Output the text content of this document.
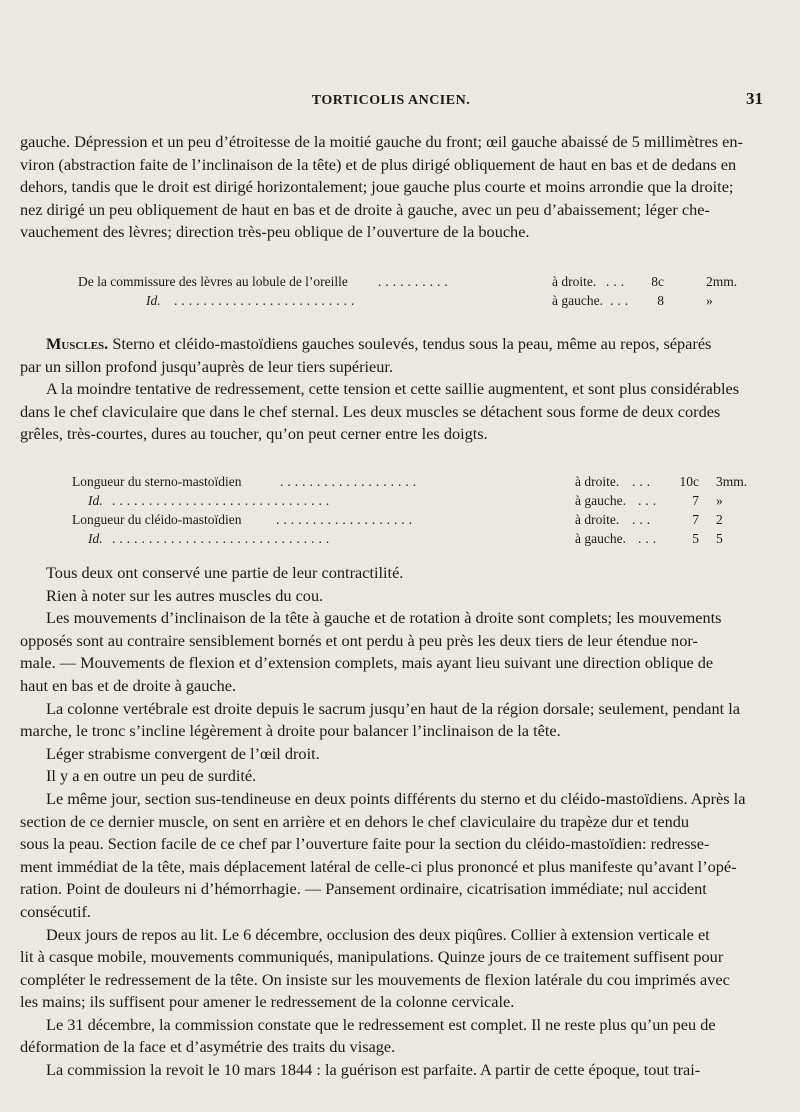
TORTICOLIS ANCIEN.	31

gauche. Dépression et un peu d’étroitesse de la moitié gauche du front; œil gauche abaissé de 5 millimètres en-

viron (abstraction faite de l’inclinaison de la tête) et de plus dirigé obliquement de haut en bas et de dedans en

dehors, tandis que le droit est dirigé horizontalement; joue gauche plus courte et moins arrondie que la droite;

nez dirigé un peu obliquement de haut en bas et de droite à gauche, avec un peu d’abaissement; léger che-

vauchement des lèvres; direction très-peu oblique de l’ouverture de la bouche.

De la commissure des lèvres au lobule de l’oreille ..........	à droite. ...	8c	2mm.
Id. .........................	à gauche. ...	8	»

Muscles. Sterno et cléido-mastoïdiens gauches soulevés, tendus sous la peau, même au repos, séparés

par un sillon profond jusqu’auprès de leur tiers supérieur.

A la moindre tentative de redressement, cette tension et cette saillie augmentent, et sont plus considérables

dans le chef claviculaire que dans le chef sternal. Les deux muscles se détachent sous forme de deux cordes

grêles, très-courtes, dures au toucher, qu’on peut cerner entre les doigts.

Longueur du sterno-mastoïdien	...................	à droite. ...	10c 3mm.
Id. ..............................	à gauche. ...	7 »
Longueur du cléido-mastoïdien	...................	à droite. ...	7 2
Id. ..............................	à gauche. ...	5 5

Tous deux ont conservé une partie de leur contractilité.

Rien à noter sur les autres muscles du cou.

Les mouvements d’inclinaison de la tête à gauche et de rotation à droite sont complets; les mouvements

opposés sont au contraire sensiblement bornés et ont perdu à peu près les deux tiers de leur étendue nor-

male. — Mouvements de flexion et d’extension complets, mais ayant lieu suivant une direction oblique de

haut en bas et de droite à gauche.

La colonne vertébrale est droite depuis le sacrum jusqu’en haut de la région dorsale; seulement, pendant la

marche, le tronc s’incline légèrement à droite pour balancer l’inclinaison de la tête.

Léger strabisme convergent de l’œil droit.

Il y a en outre un peu de surdité.

Le même jour, section sus-tendineuse en deux points différents du sterno et du cléido-mastoïdiens. Après la

section de ce dernier muscle, on sent en arrière et en dehors le chef claviculaire du trapèze dur et tendu

sous la peau. Section facile de ce chef par l’ouverture faite pour la section du cléido-mastoïdien: redresse-

ment immédiat de la tête, mais déplacement latéral de celle-ci plus prononcé et plus manifeste qu’avant l’opé-

ration. Point de douleurs ni d’hémorrhagie. — Pansement ordinaire, cicatrisation immédiate; nul accident

consécutif.

Deux jours de repos au lit. Le 6 décembre, occlusion des deux piqûres. Collier à extension verticale et

lit à casque mobile, mouvements communiqués, manipulations. Quinze jours de ce traitement suffisent pour

compléter le redressement de la tête. On insiste sur les mouvements de flexion latérale du cou imprimés avec

les mains; ils suffisent pour amener le redressement de la colonne cervicale.

Le 31 décembre, la commission constate que le redressement est complet. Il ne reste plus qu’un peu de

déformation de la face et d’asymétrie des traits du visage.

La commission la revoit le 10 mars 1844 : la guérison est parfaite. A partir de cette époque, tout trai-
